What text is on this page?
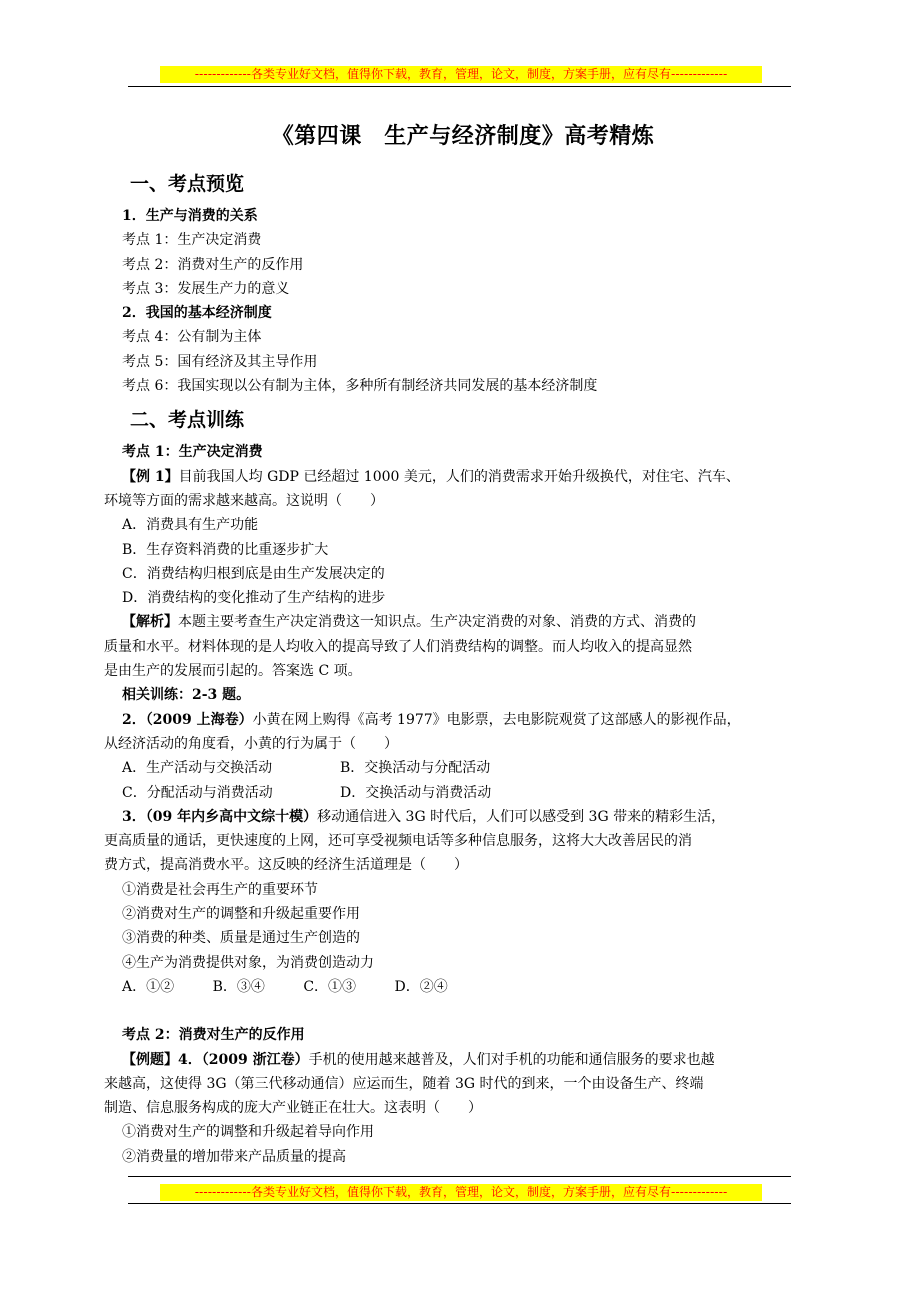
-------------各类专业好文档，值得你下载，教育，管理，论文，制度，方案手册，应有尽有-------------
《第四课　生产与经济制度》高考精炼
一、考点预览

1．生产与消费的关系

考点 1：生产决定消费

考点 2：消费对生产的反作用

考点 3：发展生产力的意义

2．我国的基本经济制度

考点 4：公有制为主体

考点 5：国有经济及其主导作用

考点 6：我国实现以公有制为主体，多种所有制经济共同发展的基本经济制度

二、考点训练

考点 1：生产决定消费

【例 1】目前我国人均 GDP 已经超过 1000 美元，人们的消费需求开始升级换代，对住宅、汽车、

环境等方面的需求越来越高。这说明（　　）

A．消费具有生产功能

B．生存资料消费的比重逐步扩大

C．消费结构归根到底是由生产发展决定的

D．消费结构的变化推动了生产结构的进步

【解析】本题主要考查生产决定消费这一知识点。生产决定消费的对象、消费的方式、消费的

质量和水平。材料体现的是人均收入的提高导致了人们消费结构的调整。而人均收入的提高显然

是由生产的发展而引起的。答案选 C 项。

相关训练：2-3 题。

2．（2009 上海卷）小黄在网上购得《高考 1977》电影票，去电影院观赏了这部感人的影视作品，

从经济活动的角度看，小黄的行为属于（　　）

A．生产活动与交换活动	B．交换活动与分配活动
C．分配活动与消费活动	D．交换活动与消费活动

3．（09 年内乡高中文综十模）移动通信进入 3G 时代后，人们可以感受到 3G 带来的精彩生活，

更高质量的通话，更快速度的上网，还可享受视频电话等多种信息服务，这将大大改善居民的消

费方式，提高消费水平。这反映的经济生活道理是（　　）

①消费是社会再生产的重要环节

②消费对生产的调整和升级起重要作用

③消费的种类、质量是通过生产创造的

④生产为消费提供对象，为消费创造动力

A．①②	B．③④	C．①③	D．②④

考点 2：消费对生产的反作用

【例题】4．（2009 浙江卷）手机的使用越来越普及，人们对手机的功能和通信服务的要求也越

来越高，这使得 3G（第三代移动通信）应运而生，随着 3G 时代的到来，一个由设备生产、终端

制造、信息服务构成的庞大产业链正在壮大。这表明（　　）

①消费对生产的调整和升级起着导向作用

②消费量的增加带来产品质量的提高

-------------各类专业好文档，值得你下载，教育，管理，论文，制度，方案手册，应有尽有-------------
